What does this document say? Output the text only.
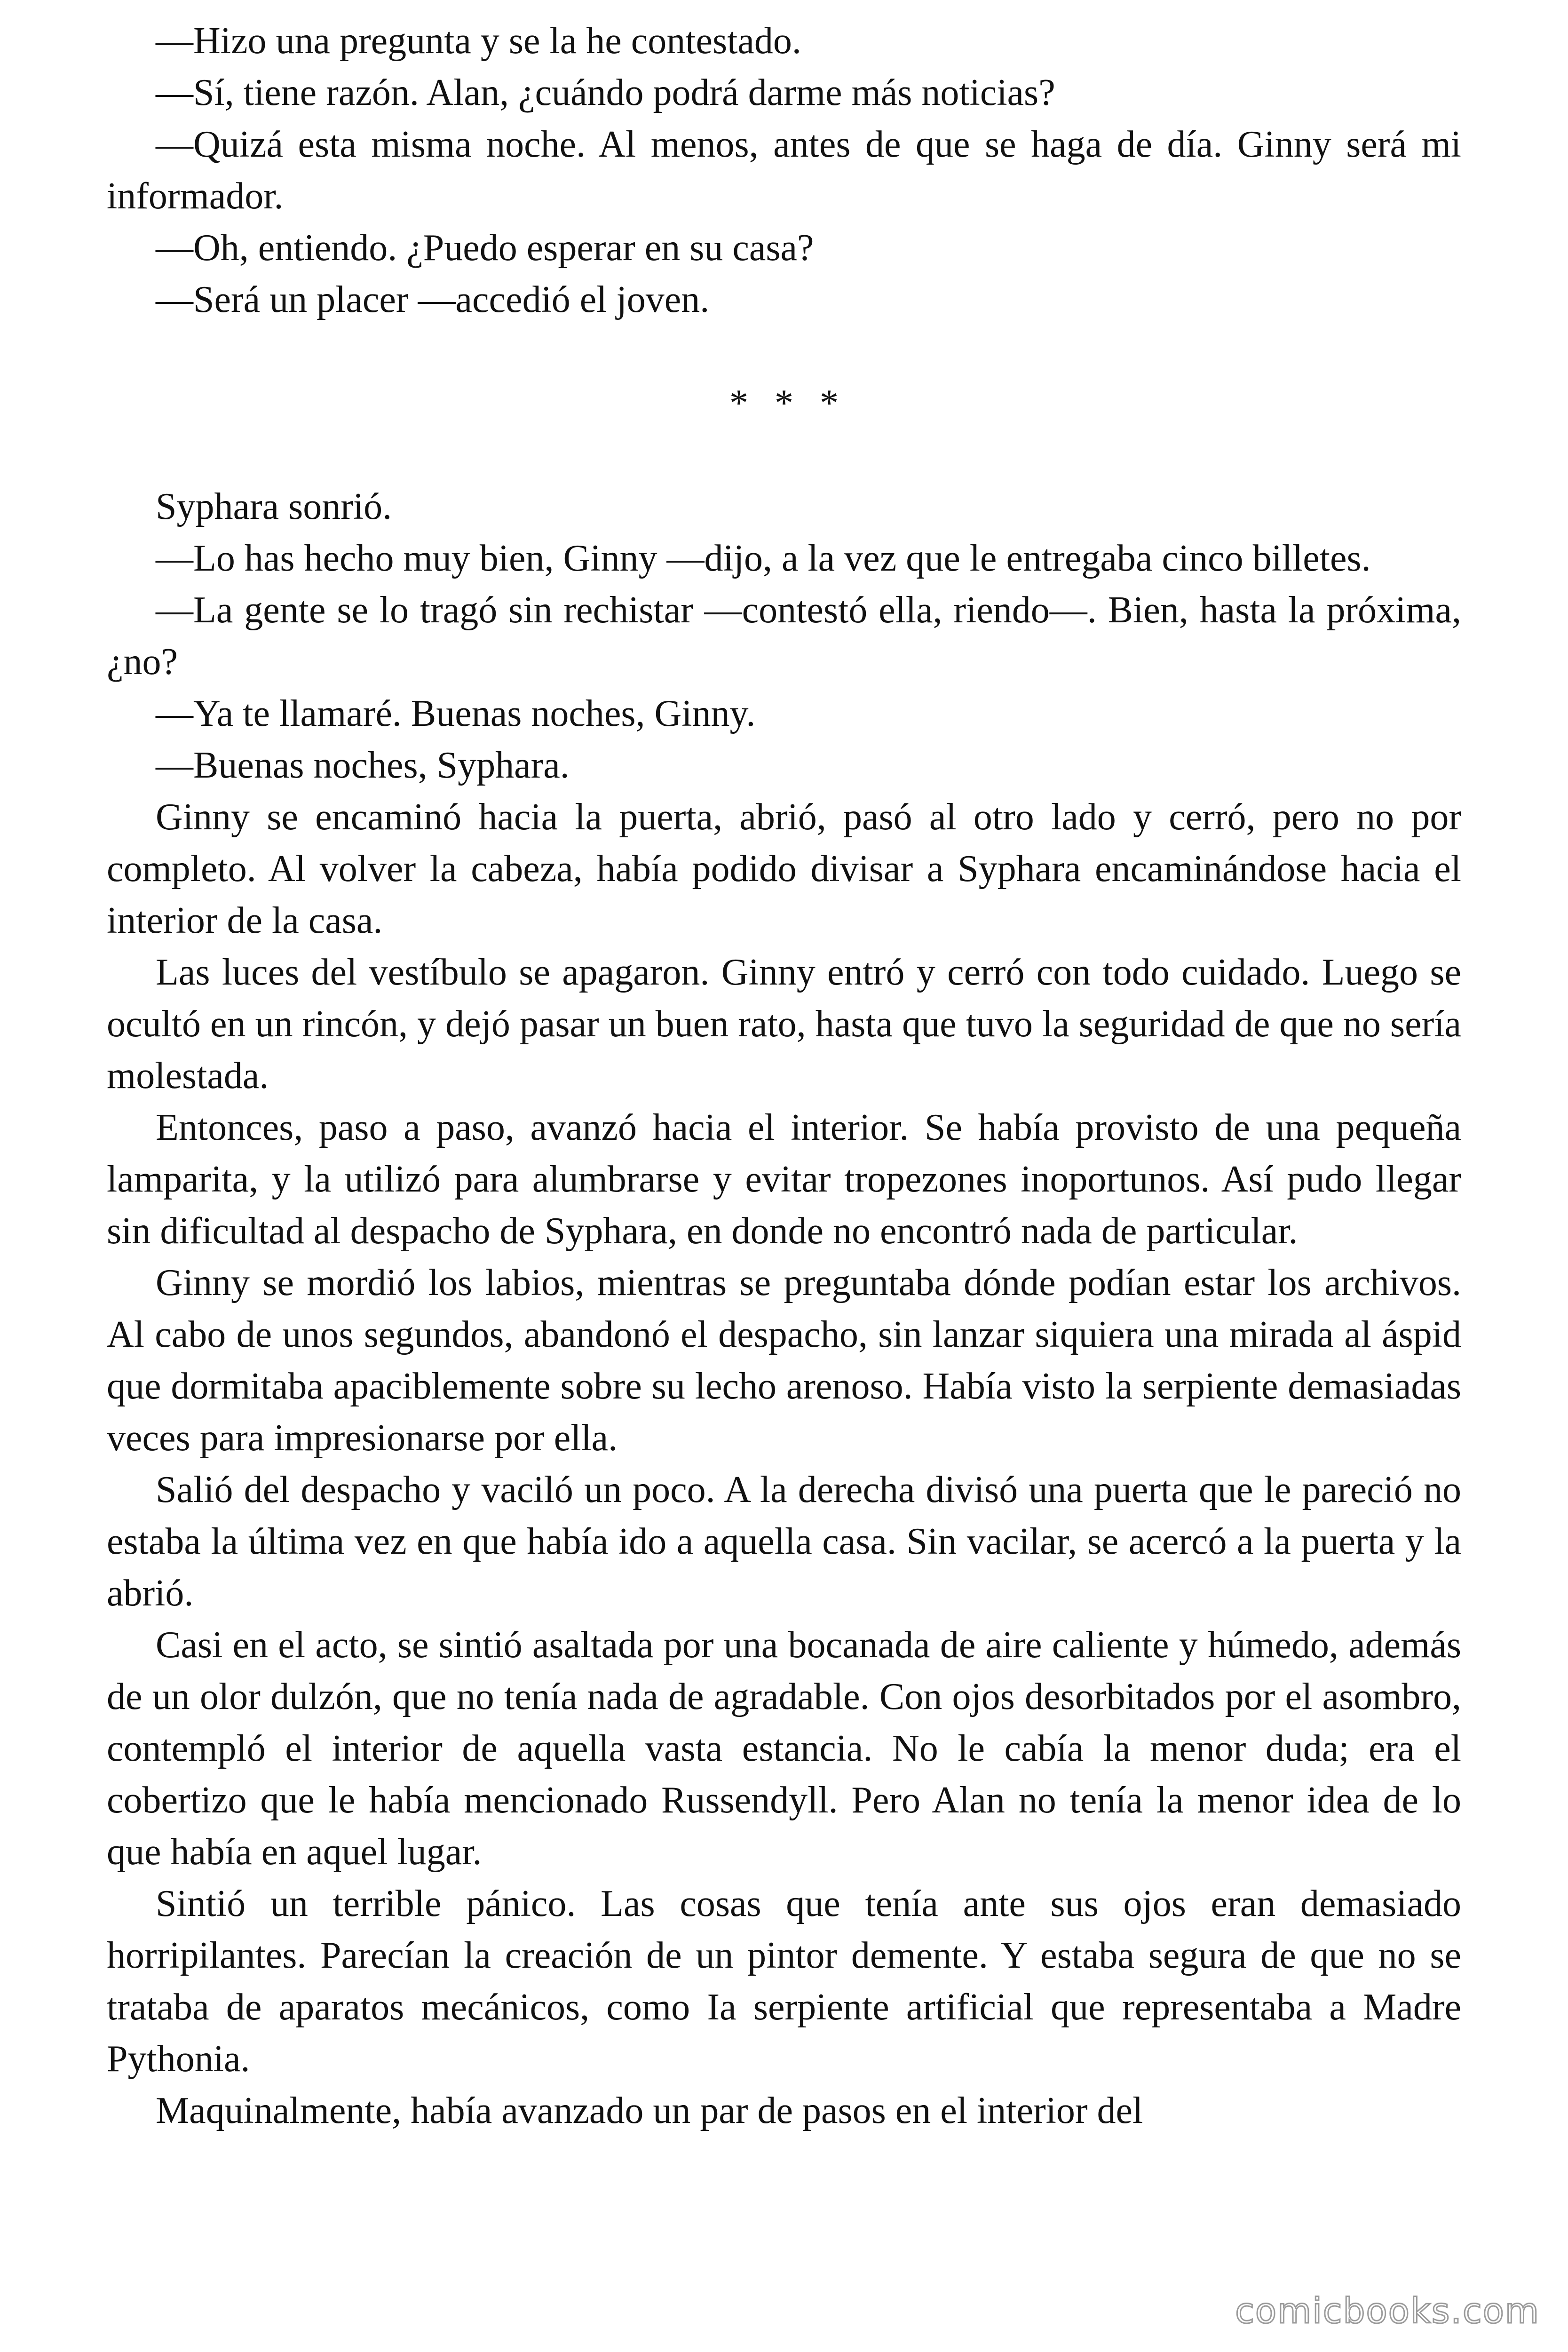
—Hizo una pregunta y se la he contestado.

—Sí, tiene razón. Alan, ¿cuándo podrá darme más noticias?

—Quizá esta misma noche. Al menos, antes de que se haga de día. Ginny será mi informador.

—Oh, entiendo. ¿Puedo esperar en su casa?

—Será un placer —accedió el joven.

* * *

Syphara sonrió.

—Lo has hecho muy bien, Ginny —dijo, a la vez que le entregaba cinco billetes.

—La gente se lo tragó sin rechistar —contestó ella, riendo—. Bien, hasta la próxima, ¿no?

—Ya te llamaré. Buenas noches, Ginny.

—Buenas noches, Syphara.

Ginny se encaminó hacia la puerta, abrió, pasó al otro lado y cerró, pero no por completo. Al volver la cabeza, había podido divisar a Syphara encaminándose hacia el interior de la casa.

Las luces del vestíbulo se apagaron. Ginny entró y cerró con todo cuidado. Luego se ocultó en un rincón, y dejó pasar un buen rato, hasta que tuvo la seguridad de que no sería molestada.

Entonces, paso a paso, avanzó hacia el interior. Se había provisto de una pequeña lamparita, y la utilizó para alumbrarse y evitar tropezones inoportunos. Así pudo llegar sin dificultad al despacho de Syphara, en donde no encontró nada de particular.

Ginny se mordió los labios, mientras se preguntaba dónde podían estar los archivos. Al cabo de unos segundos, abandonó el despacho, sin lanzar siquiera una mirada al áspid que dormitaba apaciblemente sobre su lecho arenoso. Había visto la serpiente demasiadas veces para impresionarse por ella.

Salió del despacho y vaciló un poco. A la derecha divisó una puerta que le pareció no estaba la última vez en que había ido a aquella casa. Sin vacilar, se acercó a la puerta y la abrió.

Casi en el acto, se sintió asaltada por una bocanada de aire caliente y húmedo, además de un olor dulzón, que no tenía nada de agradable. Con ojos desorbitados por el asombro, contempló el interior de aquella vasta estancia. No le cabía la menor duda; era el cobertizo que le había mencionado Russendyll. Pero Alan no tenía la menor idea de lo que había en aquel lugar.

Sintió un terrible pánico. Las cosas que tenía ante sus ojos eran demasiado horripilantes. Parecían la creación de un pintor demente. Y estaba segura de que no se trataba de aparatos mecánicos, como Ia serpiente artificial que representaba a Madre Pythonia.

Maquinalmente, había avanzado un par de pasos en el interior del

comicbooks.com
